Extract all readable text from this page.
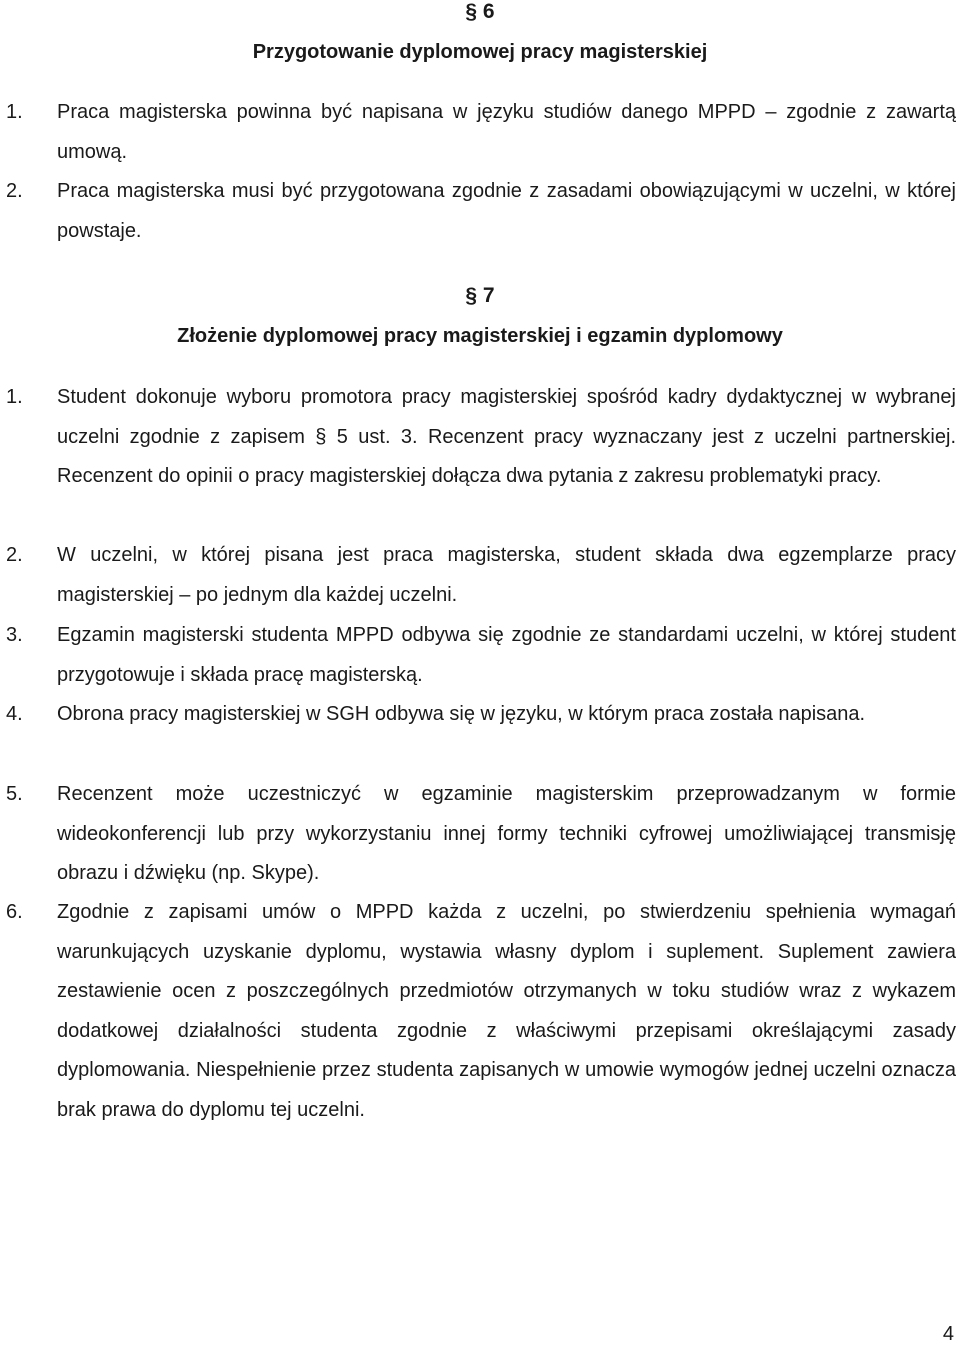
§ 6
Przygotowanie dyplomowej pracy magisterskiej
1. Praca magisterska powinna być napisana w języku studiów danego MPPD – zgodnie z zawartą umową.
2. Praca magisterska musi być przygotowana zgodnie z zasadami obowiązującymi w uczelni, w której powstaje.
§ 7
Złożenie dyplomowej pracy magisterskiej i egzamin dyplomowy
1. Student dokonuje wyboru promotora pracy magisterskiej spośród kadry dydaktycznej w wybranej uczelni zgodnie z zapisem § 5 ust. 3. Recenzent pracy wyznaczany jest z uczelni partnerskiej. Recenzent do opinii o pracy magisterskiej dołącza dwa pytania z zakresu problematyki pracy.
2. W uczelni, w której pisana jest praca magisterska, student składa dwa egzemplarze pracy magisterskiej – po jednym dla każdej uczelni.
3. Egzamin magisterski studenta MPPD odbywa się zgodnie ze standardami uczelni, w której student przygotowuje i składa pracę magisterską.
4. Obrona pracy magisterskiej w SGH odbywa się w języku, w którym praca została napisana.
5. Recenzent może uczestniczyć w egzaminie magisterskim przeprowadzanym w formie wideokonferencji lub przy wykorzystaniu innej formy techniki cyfrowej umożliwiającej transmisję obrazu i dźwięku (np. Skype).
6. Zgodnie z zapisami umów o MPPD każda z uczelni, po stwierdzeniu spełnienia wymagań warunkujących uzyskanie dyplomu, wystawia własny dyplom i suplement. Suplement zawiera zestawienie ocen z poszczególnych przedmiotów otrzymanych w toku studiów wraz z wykazem dodatkowej działalności studenta zgodnie z właściwymi przepisami określającymi zasady dyplomowania. Niespełnienie przez studenta zapisanych w umowie wymogów jednej uczelni oznacza brak prawa do dyplomu tej uczelni.
4
